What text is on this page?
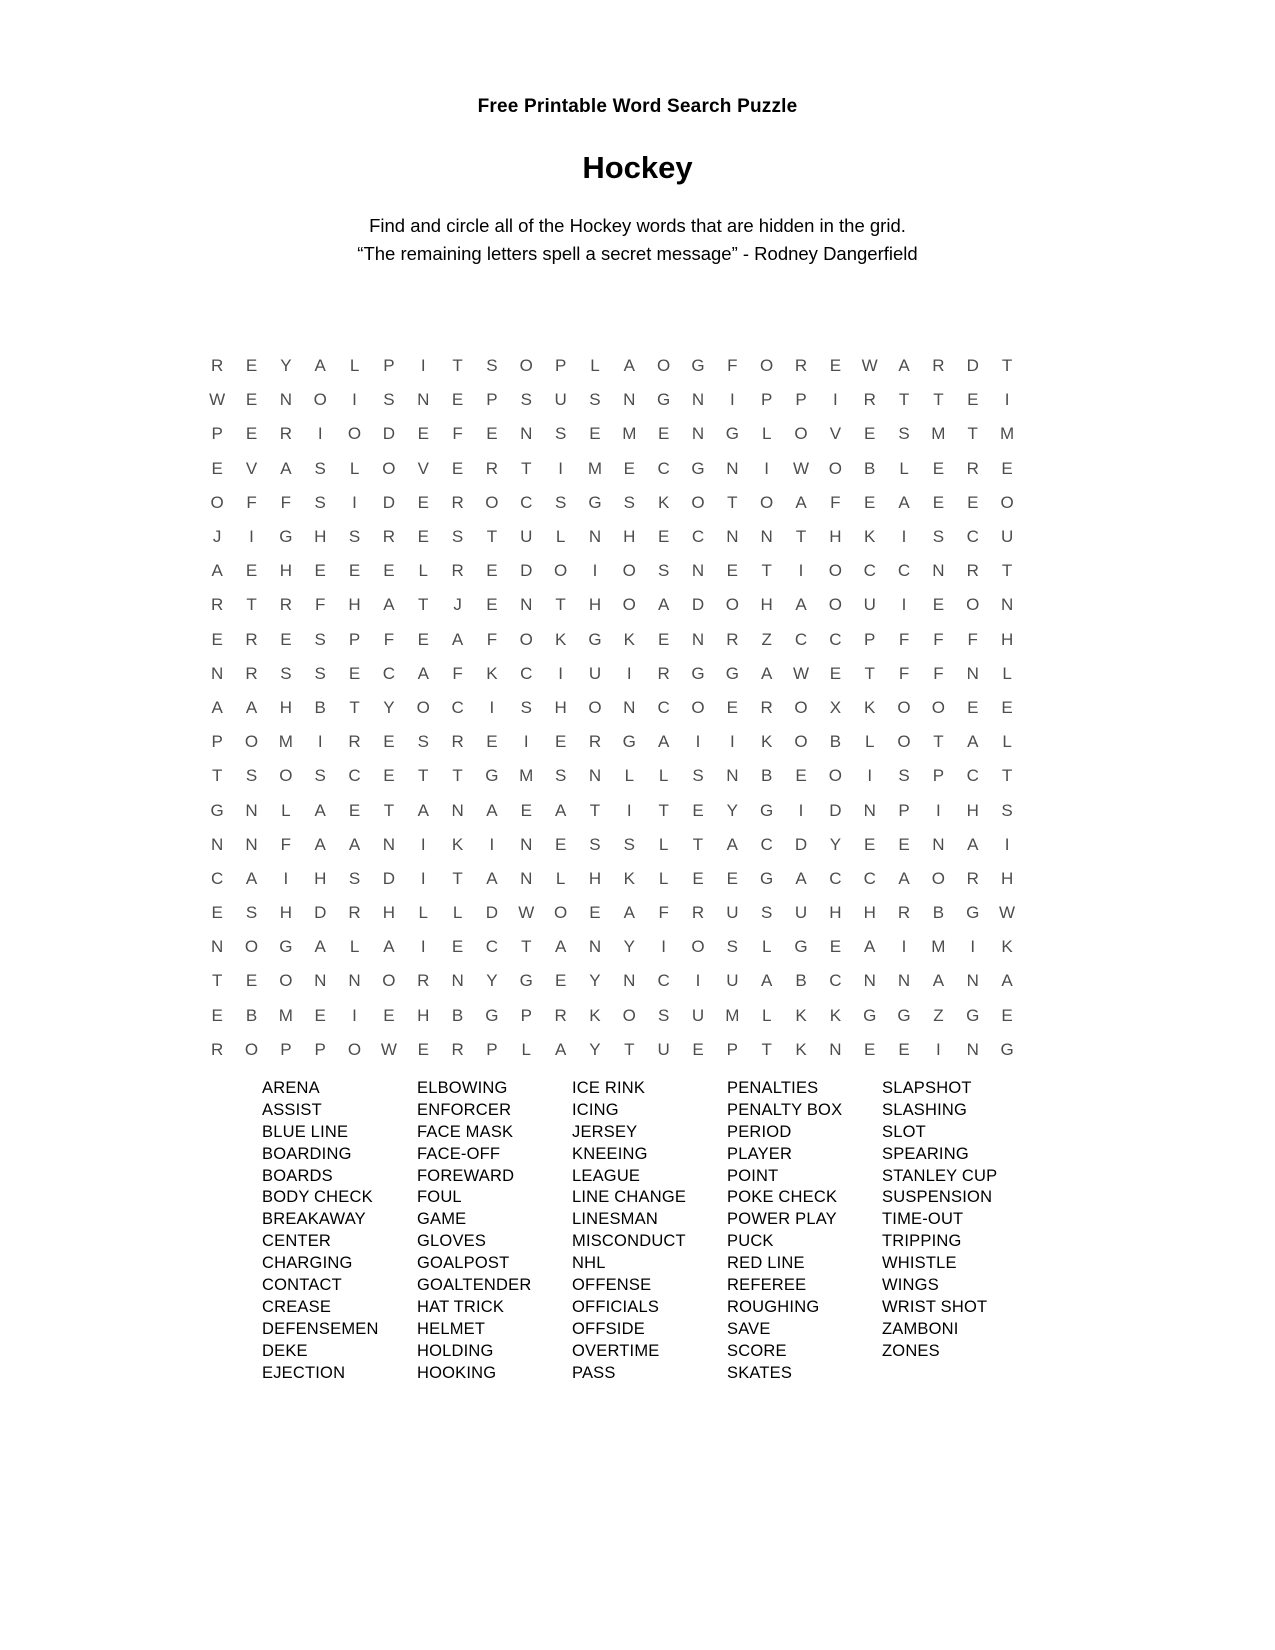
Free Printable Word Search Puzzle
Hockey
Find and circle all of the Hockey words that are hidden in the grid.
“The remaining letters spell a secret message” - Rodney Dangerfield
R	E	Y	A	L	P	I	T	S	O	P	L	A	O	G	F	O	R	E	W	A	R	D	T
W	E	N	O	I	S	N	E	P	S	U	S	N	G	N	I	P	P	I	R	T	T	E	I
P	E	R	I	O	D	E	F	E	N	S	E	M	E	N	G	L	O	V	E	S	M	T	M
E	V	A	S	L	O	V	E	R	T	I	M	E	C	G	N	I	W	O	B	L	E	R	E
O	F	F	S	I	D	E	R	O	C	S	G	S	K	O	T	O	A	F	E	A	E	E	O
J	I	G	H	S	R	E	S	T	U	L	N	H	E	C	N	N	T	H	K	I	S	C	U
A	E	H	E	E	E	L	R	E	D	O	I	O	S	N	E	T	I	O	C	C	N	R	T
R	T	R	F	H	A	T	J	E	N	T	H	O	A	D	O	H	A	O	U	I	E	O	N
E	R	E	S	P	F	E	A	F	O	K	G	K	E	N	R	Z	C	C	P	F	F	F	H
N	R	S	S	E	C	A	F	K	C	I	U	I	R	G	G	A	W	E	T	F	F	N	L
A	A	H	B	T	Y	O	C	I	S	H	O	N	C	O	E	R	O	X	K	O	O	E	E
P	O	M	I	R	E	S	R	E	I	E	R	G	A	I	I	K	O	B	L	O	T	A	L
T	S	O	S	C	E	T	T	G	M	S	N	L	L	S	N	B	E	O	I	S	P	C	T
G	N	L	A	E	T	A	N	A	E	A	T	I	T	E	Y	G	I	D	N	P	I	H	S
N	N	F	A	A	N	I	K	I	N	E	S	S	L	T	A	C	D	Y	E	E	N	A	I
C	A	I	H	S	D	I	T	A	N	L	H	K	L	E	E	G	A	C	C	A	O	R	H
E	S	H	D	R	H	L	L	D	W	O	E	A	F	R	U	S	U	H	H	R	B	G	W
N	O	G	A	L	A	I	E	C	T	A	N	Y	I	O	S	L	G	E	A	I	M	I	K
T	E	O	N	N	O	R	N	Y	G	E	Y	N	C	I	U	A	B	C	N	N	A	N	A
E	B	M	E	I	E	H	B	G	P	R	K	O	S	U	M	L	K	K	G	G	Z	G	E
R	O	P	P	O	W	E	R	P	L	A	Y	T	U	E	P	T	K	N	E	E	I	N	G
ARENA
ASSIST
BLUE LINE
BOARDING
BOARDS
BODY CHECK
BREAKAWAY
CENTER
CHARGING
CONTACT
CREASE
DEFENSEMEN
DEKE
EJECTION
ELBOWING
ENFORCER
FACE MASK
FACE-OFF
FOREWARD
FOUL
GAME
GLOVES
GOALPOST
GOALTENDER
HAT TRICK
HELMET
HOLDING
HOOKING
ICE RINK
ICING
JERSEY
KNEEING
LEAGUE
LINE CHANGE
LINESMAN
MISCONDUCT
NHL
OFFENSE
OFFICIALS
OFFSIDE
OVERTIME
PASS
PENALTIES
PENALTY BOX
PERIOD
PLAYER
POINT
POKE CHECK
POWER PLAY
PUCK
RED LINE
REFEREE
ROUGHING
SAVE
SCORE
SKATES
SLAPSHOT
SLASHING
SLOT
SPEARING
STANLEY CUP
SUSPENSION
TIME-OUT
TRIPPING
WHISTLE
WINGS
WRIST SHOT
ZAMBONI
ZONES
